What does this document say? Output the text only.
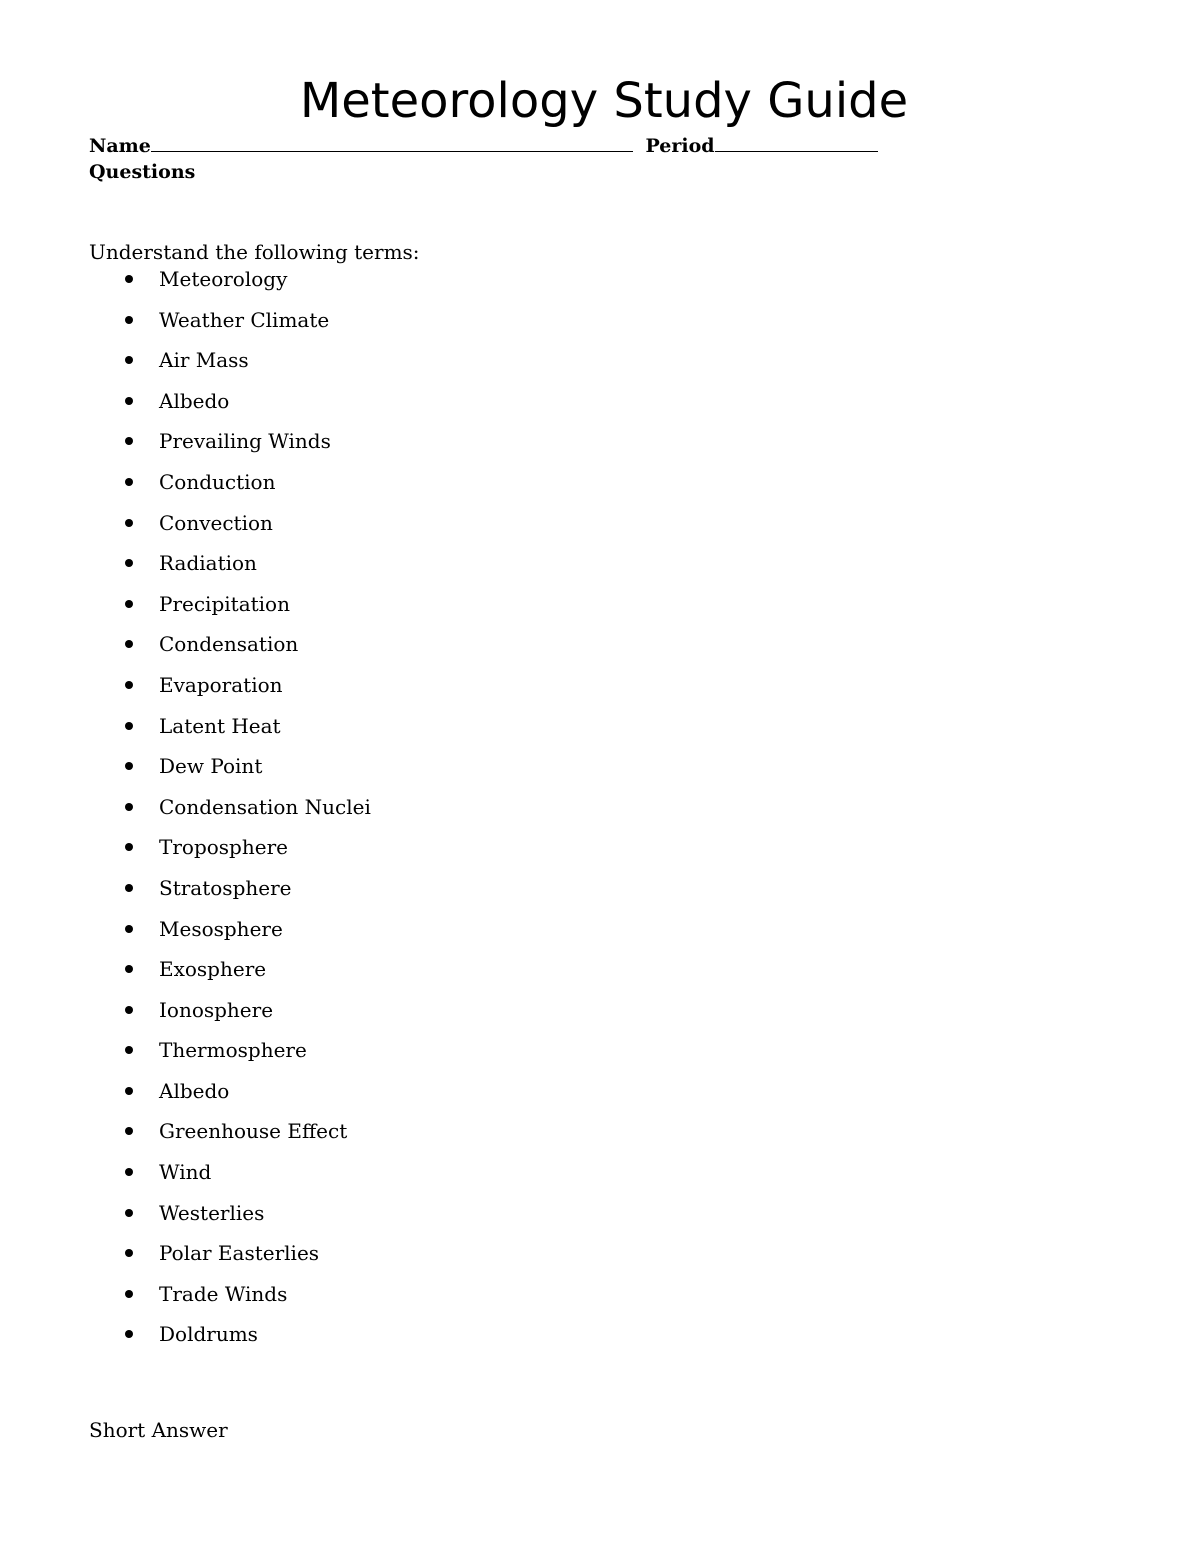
Meteorology Study Guide
Name	Period
Questions
Understand the following terms:
Meteorology
Weather Climate
Air Mass
Albedo
Prevailing Winds
Conduction
Convection
Radiation
Precipitation
Condensation
Evaporation
Latent Heat
Dew Point
Condensation Nuclei
Troposphere
Stratosphere
Mesosphere
Exosphere
Ionosphere
Thermosphere
Albedo
Greenhouse Effect
Wind
Westerlies
Polar Easterlies
Trade Winds
Doldrums
Short Answer
